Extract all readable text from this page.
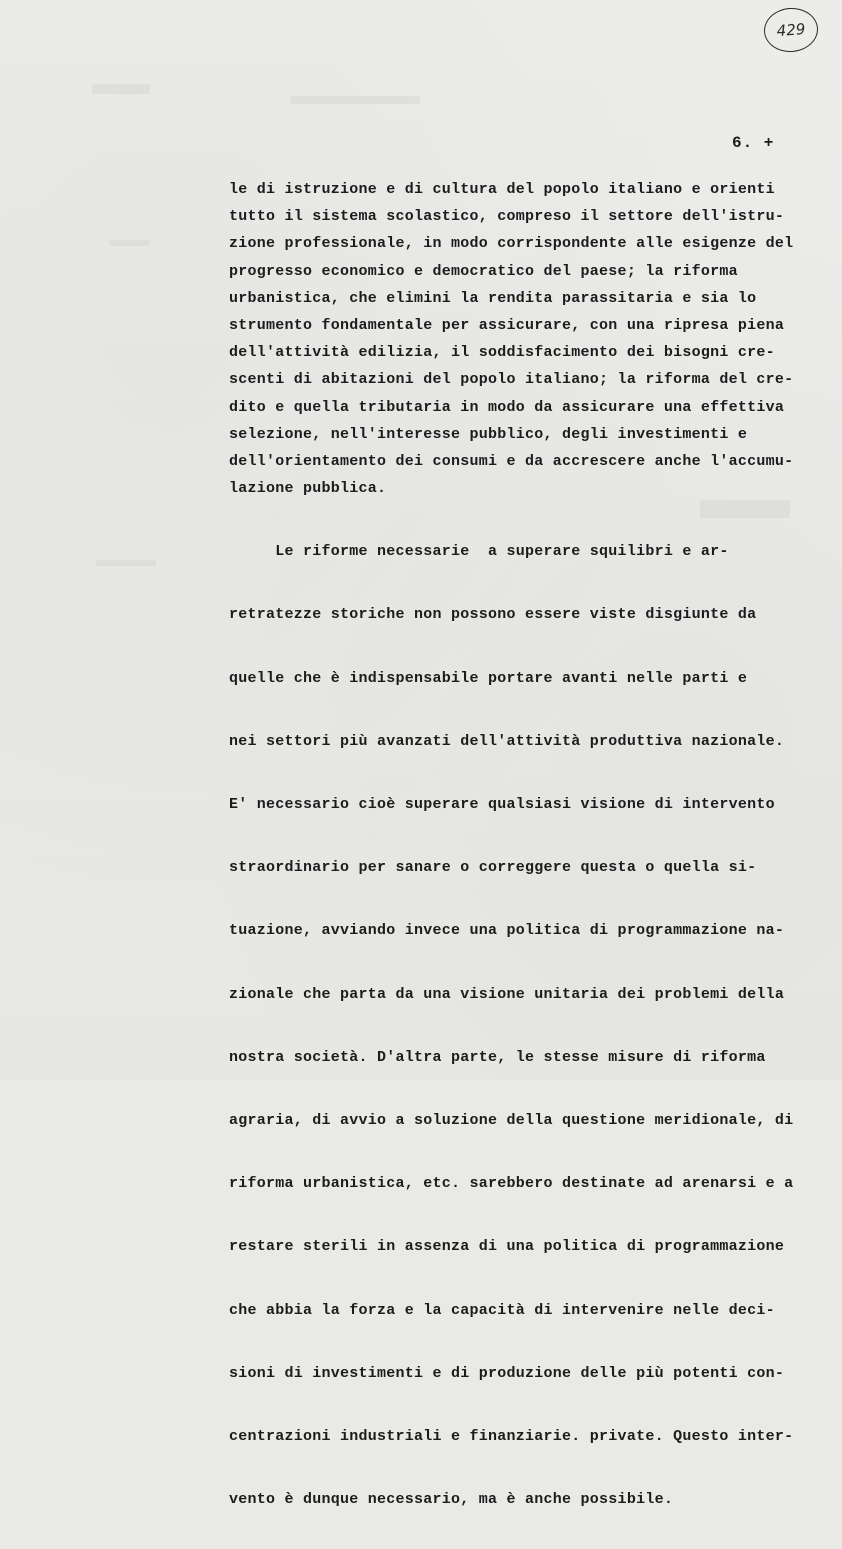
429
6. +
le di istruzione e di cultura del popolo italiano e orienti
tutto il sistema scolastico, compreso il settore dell'istru-
zione professionale, in modo corrispondente alle esigenze del
progresso economico e democratico del paese; la riforma
urbanistica, che elimini la rendita parassitaria e sia lo
strumento fondamentale per assicurare, con una ripresa piena
dell'attività edilizia, il soddisfacimento dei bisogni cre-
scenti di abitazioni del popolo italiano; la riforma del cre-
dito e quella tributaria in modo da assicurare una effettiva
selezione, nell'interesse pubblico, degli investimenti e
dell'orientamento dei consumi e da accrescere anche l'accumu-
lazione pubblica.

Le riforme necessarie  a superare squilibri e ar-

retratezze storiche non possono essere viste disgiunte da

quelle che è indispensabile portare avanti nelle parti e

nei settori più avanzati dell'attività produttiva nazionale.

E' necessario cioè superare qualsiasi visione di intervento

straordinario per sanare o correggere questa o quella si-

tuazione, avviando invece una politica di programmazione na-

zionale che parta da una visione unitaria dei problemi della

nostra società. D'altra parte, le stesse misure di riforma

agraria, di avvio a soluzione della questione meridionale, di

riforma urbanistica, etc. sarebbero destinate ad arenarsi e a

restare sterili in assenza di una politica di programmazione

che abbia la forza e la capacità di intervenire nelle deci-

sioni di investimenti e di produzione delle più potenti con-

centrazioni industriali e finanziarie. private. Questo inter-

vento è dunque necessario, ma è anche possibile.
